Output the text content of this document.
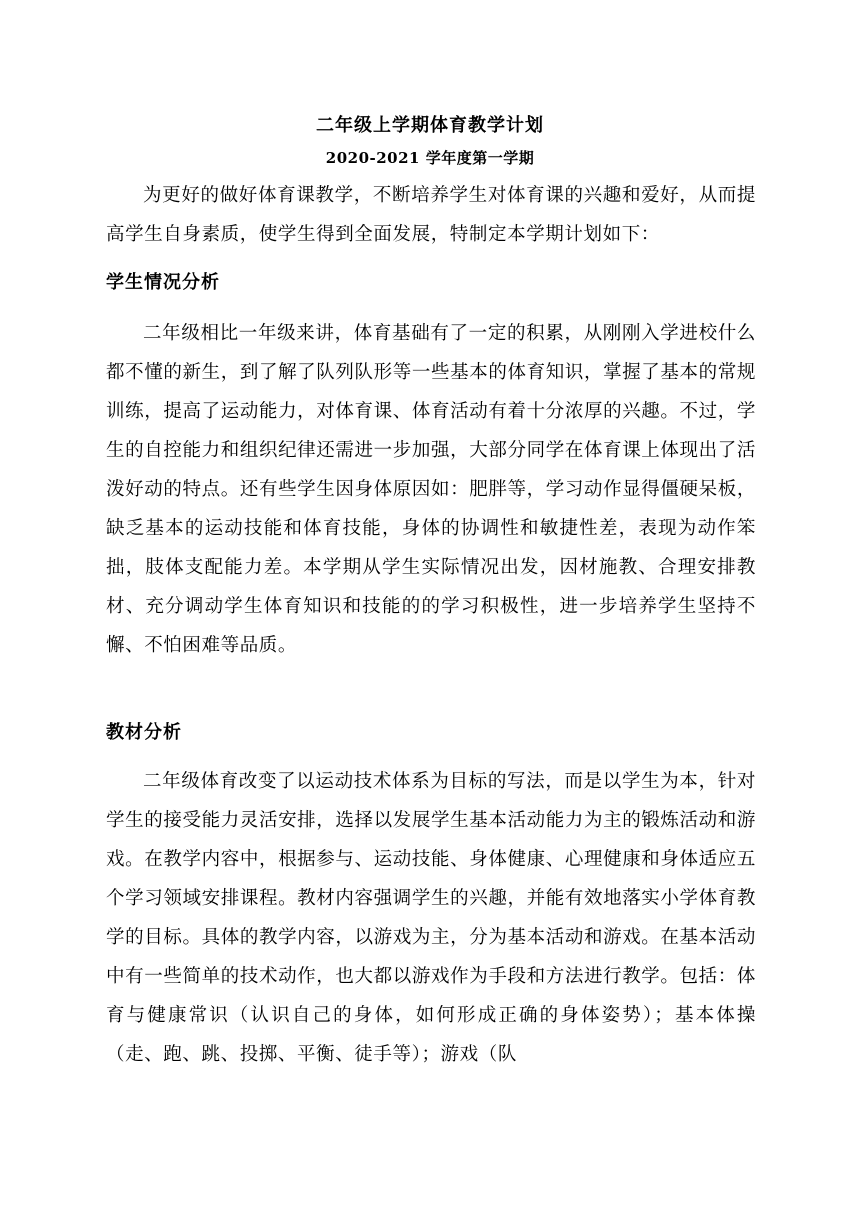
二年级上学期体育教学计划
2020-2021 学年度第一学期
为更好的做好体育课教学，不断培养学生对体育课的兴趣和爱好，从而提高学生自身素质，使学生得到全面发展，特制定本学期计划如下：
学生情况分析
二年级相比一年级来讲，体育基础有了一定的积累，从刚刚入学进校什么都不懂的新生，到了解了队列队形等一些基本的体育知识，掌握了基本的常规训练，提高了运动能力，对体育课、体育活动有着十分浓厚的兴趣。不过，学生的自控能力和组织纪律还需进一步加强，大部分同学在体育课上体现出了活泼好动的特点。还有些学生因身体原因如：肥胖等，学习动作显得僵硬呆板，缺乏基本的运动技能和体育技能，身体的协调性和敏捷性差，表现为动作笨拙，肢体支配能力差。本学期从学生实际情况出发，因材施教、合理安排教材、充分调动学生体育知识和技能的的学习积极性，进一步培养学生坚持不懈、不怕困难等品质。
教材分析
二年级体育改变了以运动技术体系为目标的写法，而是以学生为本，针对学生的接受能力灵活安排，选择以发展学生基本活动能力为主的锻炼活动和游戏。在教学内容中，根据参与、运动技能、身体健康、心理健康和身体适应五个学习领域安排课程。教材内容强调学生的兴趣，并能有效地落实小学体育教学的目标。具体的教学内容，以游戏为主，分为基本活动和游戏。在基本活动中有一些简单的技术动作，也大都以游戏作为手段和方法进行教学。包括：体育与健康常识（认识自己的身体，如何形成正确的身体姿势）；基本体操（走、跑、跳、投掷、平衡、徒手等）；游戏（队
